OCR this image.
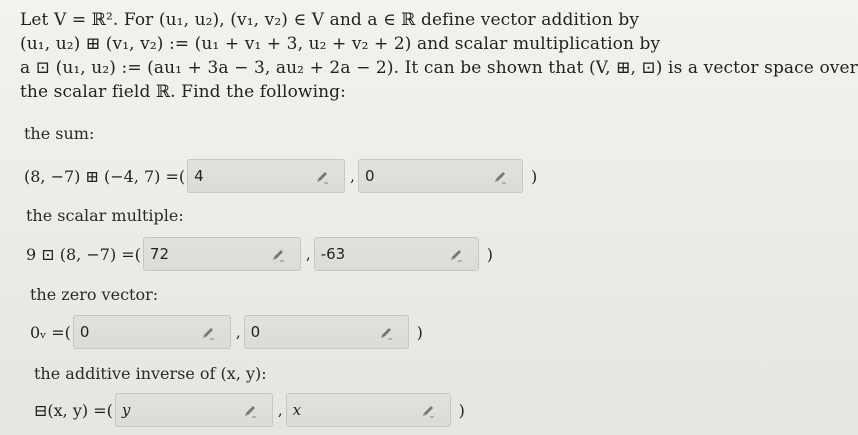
Let V = ℝ². For (u₁, u₂), (v₁, v₂) ∈ V and a ∈ ℝ define vector addition by

(u₁, u₂) ⊞ (v₁, v₂) := (u₁ + v₁ + 3, u₂ + v₂ + 2) and scalar multiplication by

a ⊡ (u₁, u₂) := (au₁ + 3a − 3, au₂ + 2a − 2). It can be shown that (V, ⊞, ⊡) is a vector space over

the scalar field ℝ. Find the following:

the sum:
(8, −7) ⊞ (−4, 7) =( 4	, 0	)
the scalar multiple:
9 ⊡ (8, −7) =( 72	, -63	)
the zero vector:
0ᵥ =( 0	, 0	)
the additive inverse of (x, y):
⊟(x, y) =( y	, x	)
